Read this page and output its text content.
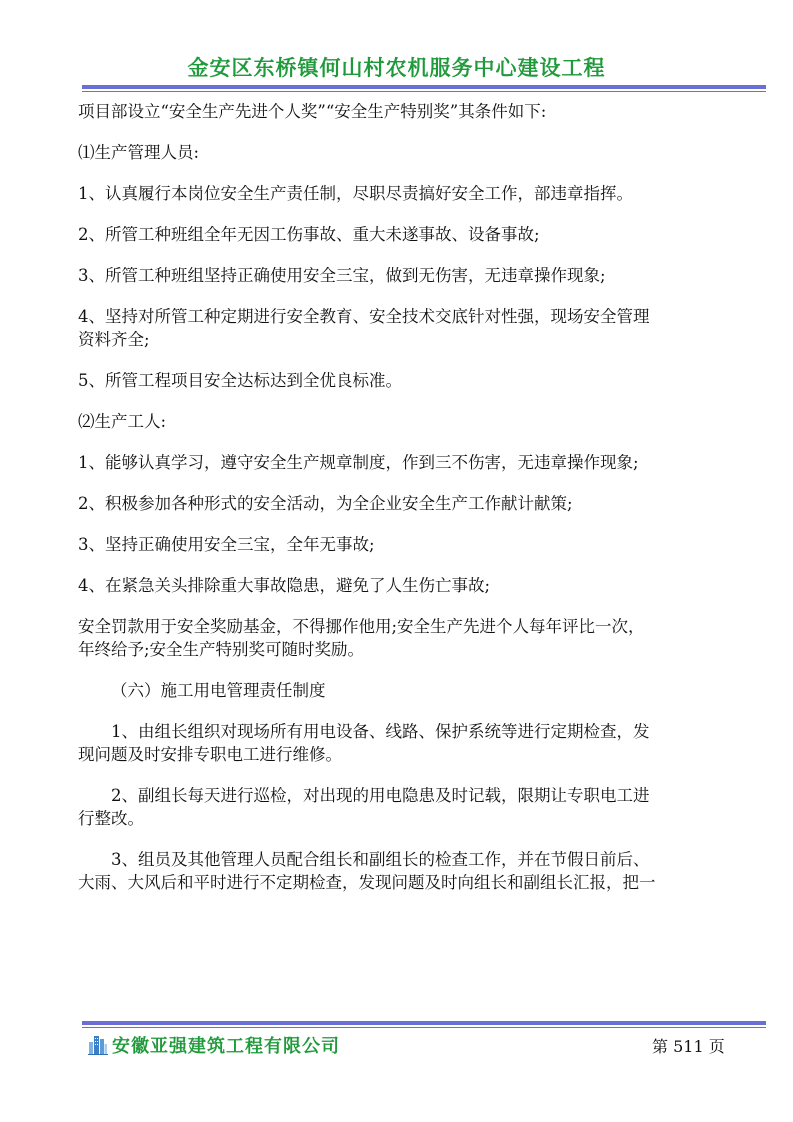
金安区东桥镇何山村农机服务中心建设工程
项目部设立“安全生产先进个人奖”“安全生产特别奖”其条件如下:
⑴生产管理人员:
1、认真履行本岗位安全生产责任制，尽职尽责搞好安全工作，部违章指挥。
2、所管工种班组全年无因工伤事故、重大未遂事故、设备事故;
3、所管工种班组坚持正确使用安全三宝，做到无伤害，无违章操作现象;
4、坚持对所管工种定期进行安全教育、安全技术交底针对性强，现场安全管理
资料齐全;
5、所管工程项目安全达标达到全优良标准。
⑵生产工人:
1、能够认真学习，遵守安全生产规章制度，作到三不伤害，无违章操作现象;
2、积极参加各种形式的安全活动，为全企业安全生产工作献计献策;
3、坚持正确使用安全三宝，全年无事故;
4、在紧急关头排除重大事故隐患，避免了人生伤亡事故;
安全罚款用于安全奖励基金，不得挪作他用;安全生产先进个人每年评比一次，
年终给予;安全生产特别奖可随时奖励。
（六）施工用电管理责任制度
1、由组长组织对现场所有用电设备、线路、保护系统等进行定期检查，发
现问题及时安排专职电工进行维修。
2、副组长每天进行巡检，对出现的用电隐患及时记载，限期让专职电工进
行整改。
3、组员及其他管理人员配合组长和副组长的检查工作，并在节假日前后、
大雨、大风后和平时进行不定期检查，发现问题及时向组长和副组长汇报，把一
安徽亚强建筑工程有限公司	第 511 页
